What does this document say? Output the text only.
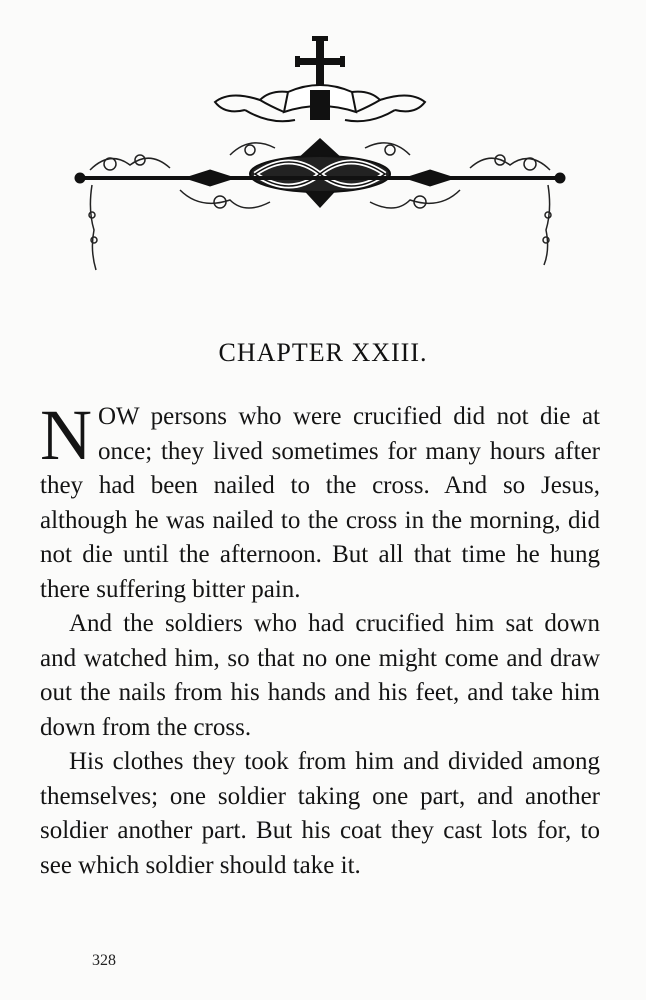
CHAPTER XXIII.

NOW persons who were crucified did not die at once; they lived sometimes for many hours after they had been nailed to the cross. And so Jesus, although he was nailed to the cross in the morning, did not die until the afternoon. But all that time he hung there suffering bitter pain.

And the soldiers who had crucified him sat down and watched him, so that no one might come and draw out the nails from his hands and his feet, and take him down from the cross.

His clothes they took from him and divided among themselves; one soldier taking one part, and another soldier another part. But his coat they cast lots for, to see which soldier should take it.

328
